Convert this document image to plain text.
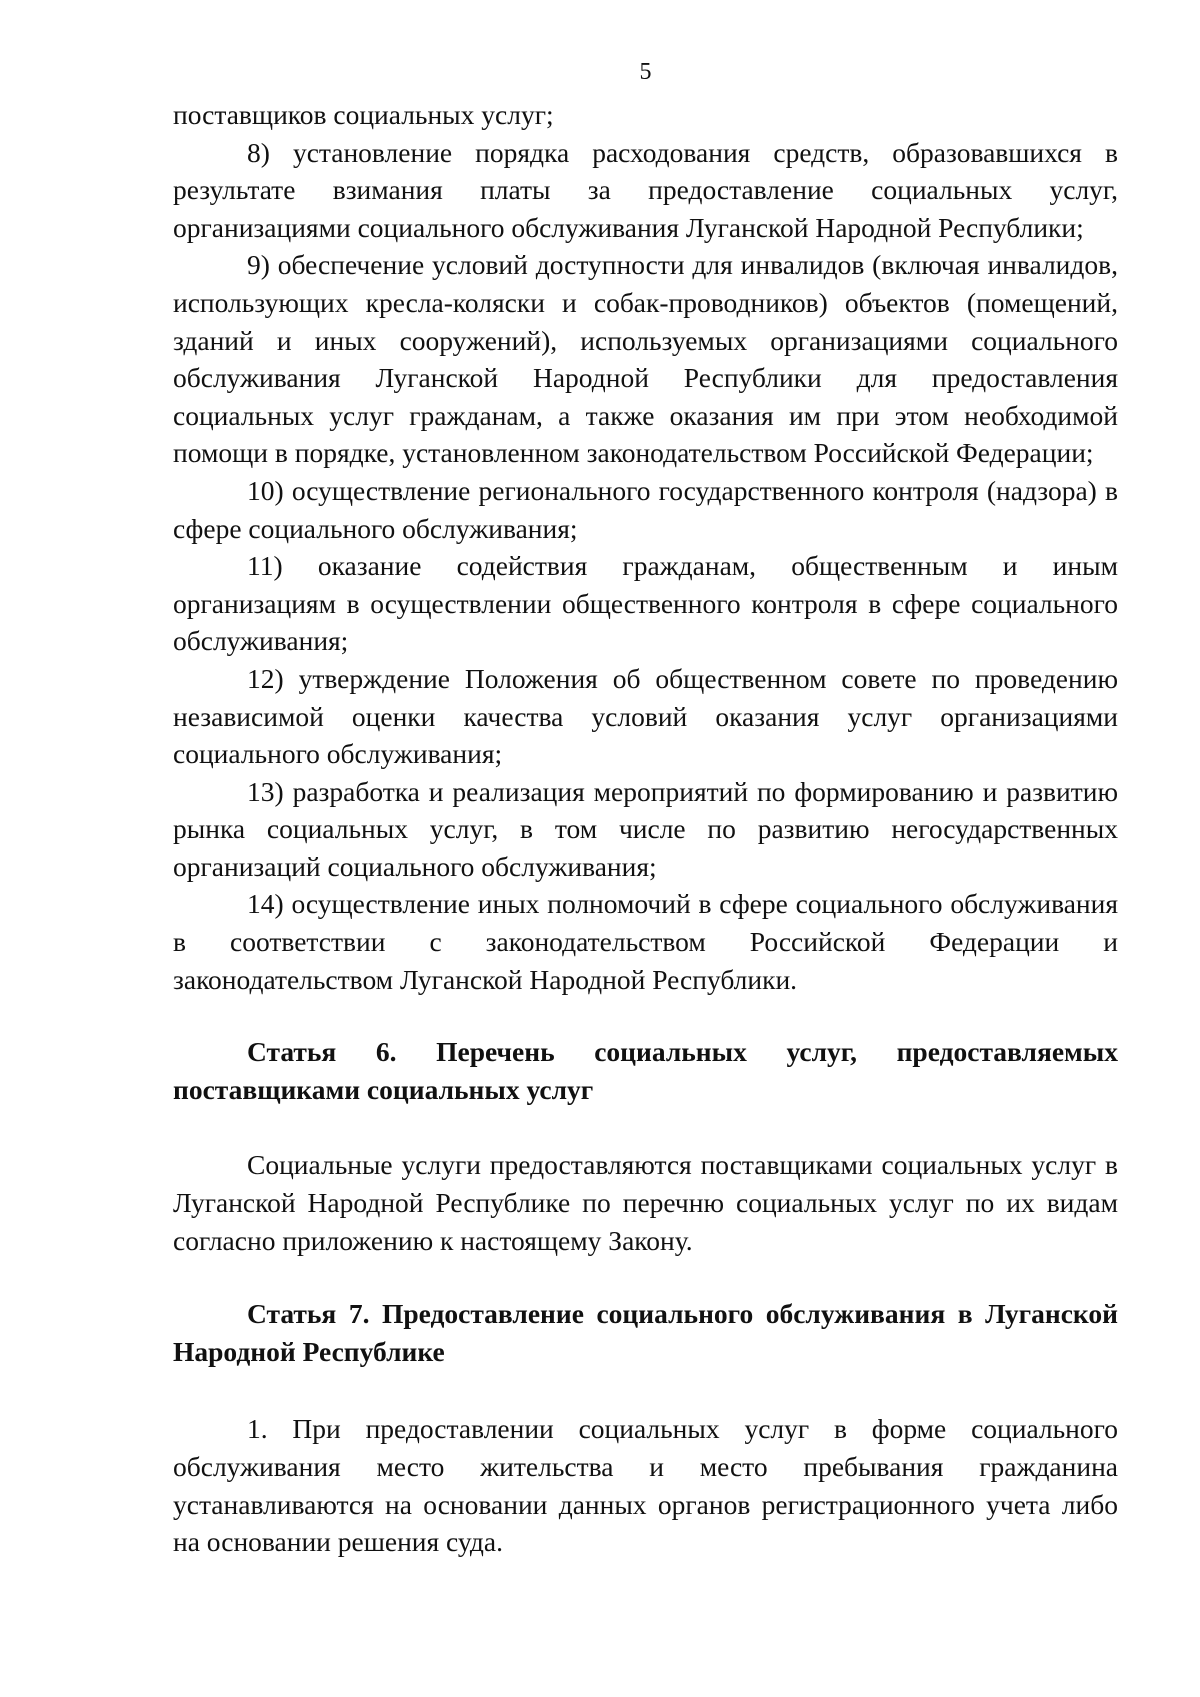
5

поставщиков социальных услуг;

8) установление порядка расходования средств, образовавшихся в результате взимания платы за предоставление социальных услуг, организациями социального обслуживания Луганской Народной Республики;

9) обеспечение условий доступности для инвалидов (включая инвалидов, использующих кресла-коляски и собак-проводников) объектов (помещений, зданий и иных сооружений), используемых организациями социального обслуживания Луганской Народной Республики для предоставления социальных услуг гражданам, а также оказания им при этом необходимой помощи в порядке, установленном законодательством Российской Федерации;

10) осуществление регионального государственного контроля (надзора) в сфере социального обслуживания;

11) оказание содействия гражданам, общественным и иным организациям в осуществлении общественного контроля в сфере социального обслуживания;

12) утверждение Положения об общественном совете по проведению независимой оценки качества условий оказания услуг организациями социального обслуживания;

13) разработка и реализация мероприятий по формированию и развитию рынка социальных услуг, в том числе по развитию негосударственных организаций социального обслуживания;

14) осуществление иных полномочий в сфере социального обслуживания в соответствии с законодательством Российской Федерации и законодательством Луганской Народной Республики.

Статья 6. Перечень социальных услуг, предоставляемых поставщиками социальных услуг

Социальные услуги предоставляются поставщиками социальных услуг в Луганской Народной Республике по перечню социальных услуг по их видам согласно приложению к настоящему Закону.

Статья 7. Предоставление социального обслуживания в Луганской Народной Республике

1. При предоставлении социальных услуг в форме социального обслуживания место жительства и место пребывания гражданина устанавливаются на основании данных органов регистрационного учета либо на основании решения суда.
